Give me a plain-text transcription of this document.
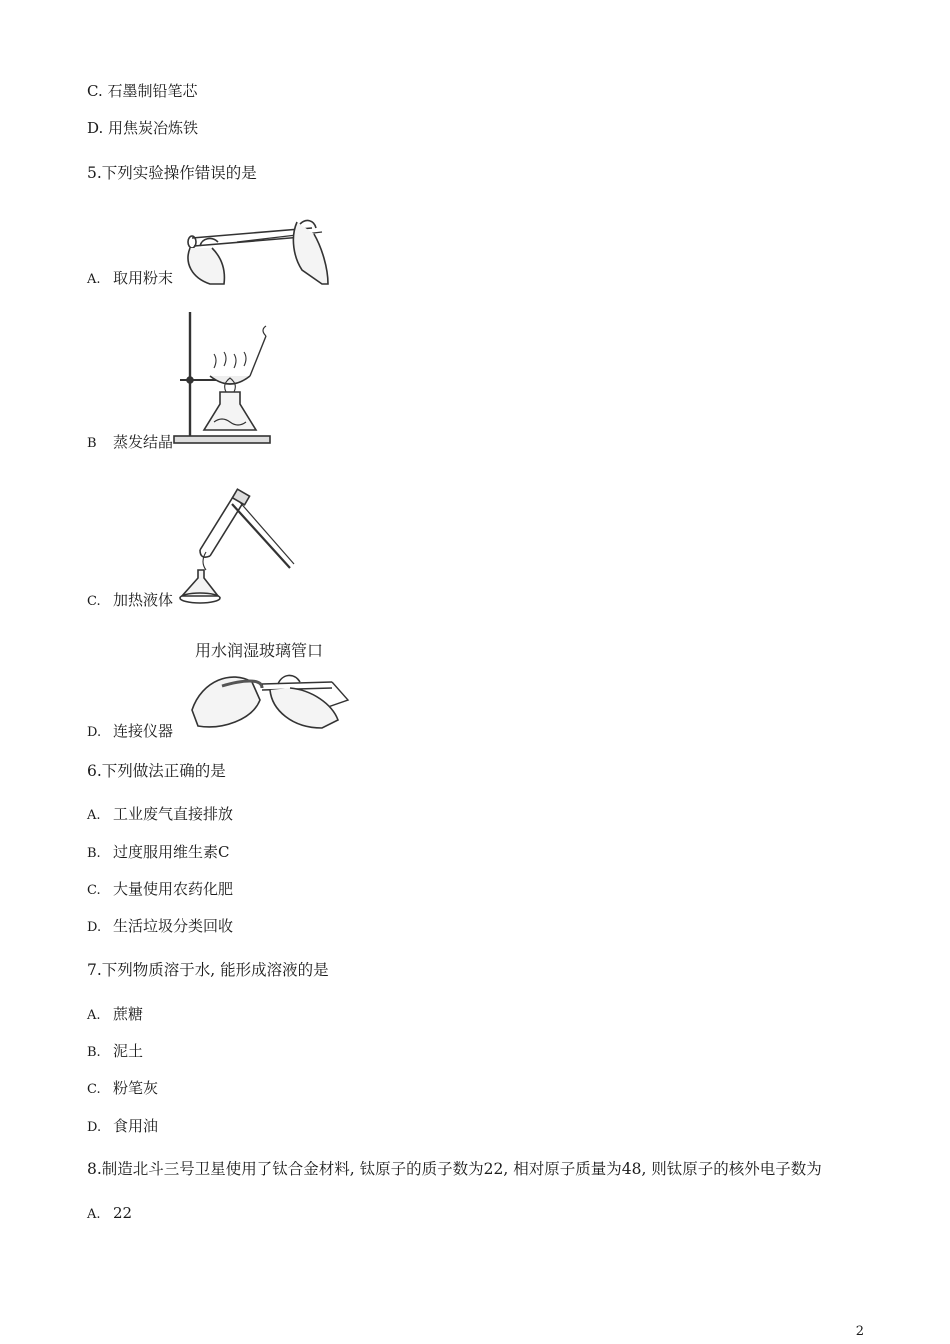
C. 石墨制铅笔芯
D. 用焦炭冶炼铁
5.下列实验操作错误的是
A. 取用粉末
B 蒸发结晶
C. 加热液体
用水润湿玻璃管口
D. 连接仪器
6.下列做法正确的是
A. 工业废气直接排放
B. 过度服用维生素C
C. 大量使用农药化肥
D. 生活垃圾分类回收
7.下列物质溶于水, 能形成溶液的是
A. 蔗糖
B. 泥土
C. 粉笔灰
D. 食用油
8.制造北斗三号卫星使用了钛合金材料, 钛原子的质子数为22, 相对原子质量为48, 则钛原子的核外电子数为
A. 22
2
